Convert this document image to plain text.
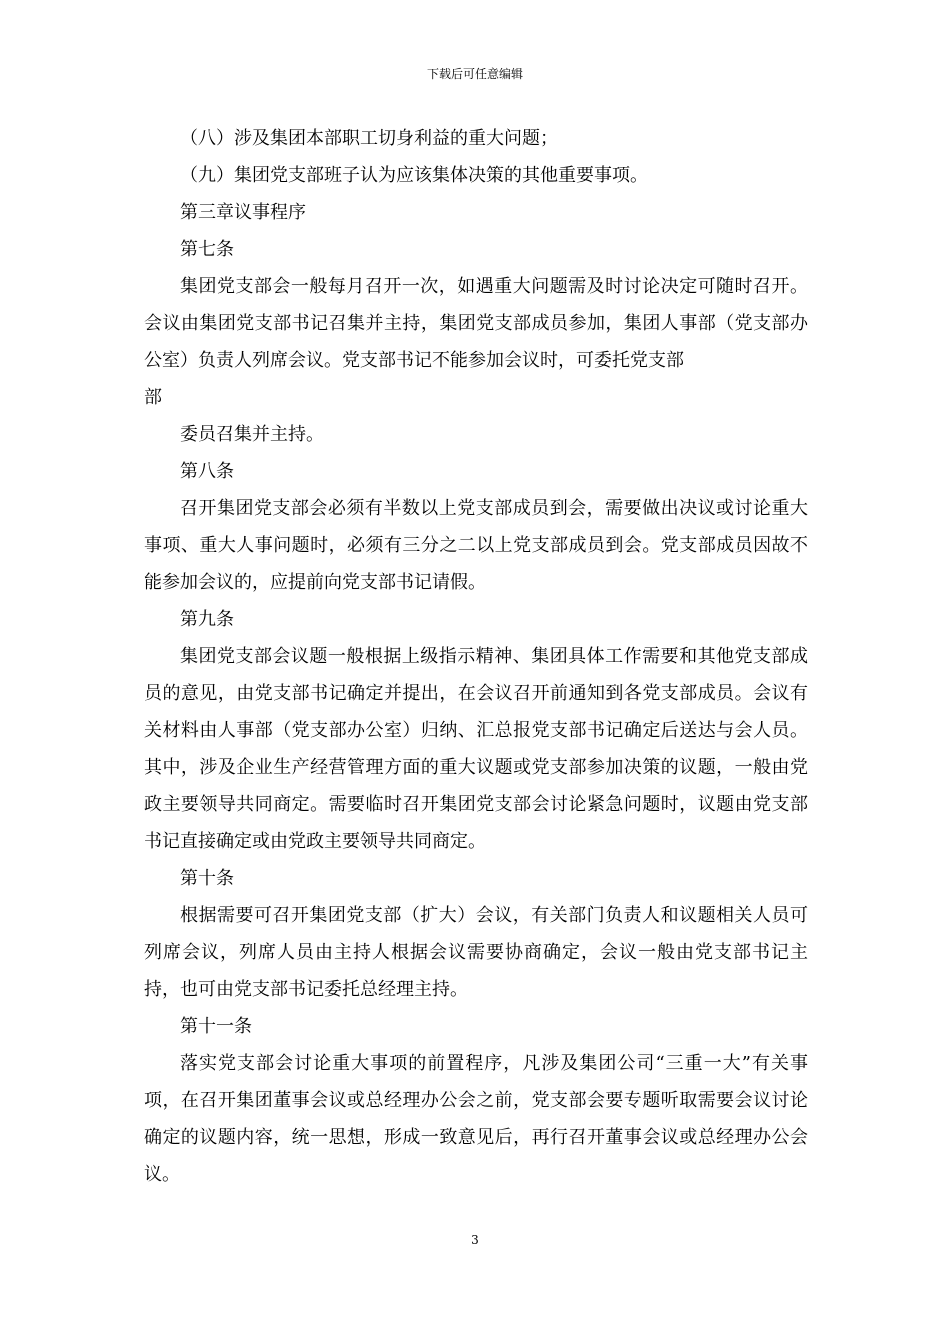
下载后可任意编辑

（八）涉及集团本部职工切身利益的重大问题；

（九）集团党支部班子认为应该集体决策的其他重要事项。

第三章议事程序

第七条

集团党支部会一般每月召开一次，如遇重大问题需及时讨论决定可随时召开。会议由集团党支部书记召集并主持，集团党支部成员参加，集团人事部（党支部办公室）负责人列席会议。党支部书记不能参加会议时，可委托党支部

部

委员召集并主持。

第八条

召开集团党支部会必须有半数以上党支部成员到会，需要做出决议或讨论重大事项、重大人事问题时，必须有三分之二以上党支部成员到会。党支部成员因故不能参加会议的，应提前向党支部书记请假。

第九条

集团党支部会议题一般根据上级指示精神、集团具体工作需要和其他党支部成员的意见，由党支部书记确定并提出，在会议召开前通知到各党支部成员。会议有关材料由人事部（党支部办公室）归纳、汇总报党支部书记确定后送达与会人员。其中，涉及企业生产经营管理方面的重大议题或党支部参加决策的议题，一般由党政主要领导共同商定。需要临时召开集团党支部会讨论紧急问题时，议题由党支部书记直接确定或由党政主要领导共同商定。

第十条

根据需要可召开集团党支部（扩大）会议，有关部门负责人和议题相关人员可列席会议，列席人员由主持人根据会议需要协商确定，会议一般由党支部书记主持，也可由党支部书记委托总经理主持。

第十一条

落实党支部会讨论重大事项的前置程序，凡涉及集团公司“三重一大”有关事项，在召开集团董事会议或总经理办公会之前，党支部会要专题听取需要会议讨论确定的议题内容，统一思想，形成一致意见后，再行召开董事会议或总经理办公会议。

3
